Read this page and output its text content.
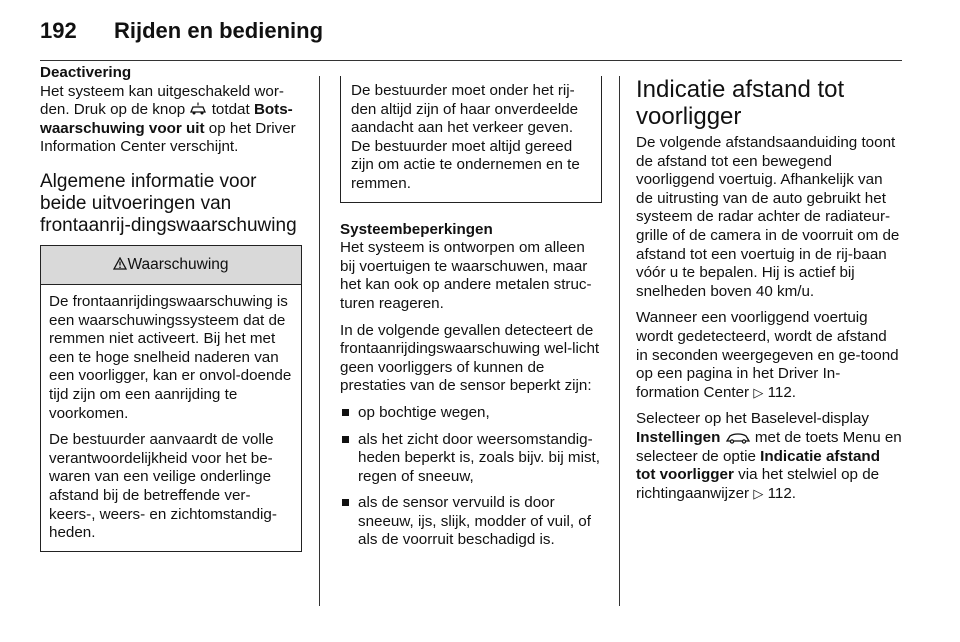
192 Rijden en bediening
Deactivering

Het systeem kan uitgeschakeld wor-den. Druk op de knop totdat Bots-waarschuwing voor uit op het Driver Information Center verschijnt.

Algemene informatie voor beide uitvoeringen van frontaanrij-dingswaarschuwing
Waarschuwing

De frontaanrijdingswaarschuwing is een waarschuwingssysteem dat de remmen niet activeert. Bij het met een te hoge snelheid naderen van een voorligger, kan er onvol-doende tijd zijn om een aanrijding te voorkomen.

De bestuurder aanvaardt de volle verantwoordelijkheid voor het be-waren van een veilige onderlinge afstand bij de betreffende ver-keers-, weers- en zichtomstandig-heden.

De bestuurder moet onder het rij-den altijd zijn of haar onverdeelde aandacht aan het verkeer geven. De bestuurder moet altijd gereed zijn om actie te ondernemen en te remmen.
Systeembeperkingen

Het systeem is ontworpen om alleen bij voertuigen te waarschuwen, maar het kan ook op andere metalen struc-turen reageren.

In de volgende gevallen detecteert de frontaanrijdingswaarschuwing wel-licht geen voorliggers of kunnen de prestaties van de sensor beperkt zijn:

op bochtige wegen,
als het zicht door weersomstandig-heden beperkt is, zoals bijv. bij mist, regen of sneeuw,
als de sensor vervuild is door sneeuw, ijs, slijk, modder of vuil, of als de voorruit beschadigd is.
Indicatie afstand tot voorligger

De volgende afstandsaanduiding toont de afstand tot een bewegend voorliggend voertuig. Afhankelijk van de uitrusting van de auto gebruikt het systeem de radar achter de radiateur-grille of de camera in de voorruit om de afstand tot een voertuig in de rij-baan vóór u te bepalen. Hij is actief bij snelheden boven 40 km/u.

Wanneer een voorliggend voertuig wordt gedetecteerd, wordt de afstand in seconden weergegeven en ge-toond op een pagina in het Driver In-formation Center ▷ 112.

Selecteer op het Baselevel-display Instellingen met de toets Menu en selecteer de optie Indicatie afstand tot voorligger via het stelwiel op de richtingaanwijzer ▷ 112.
